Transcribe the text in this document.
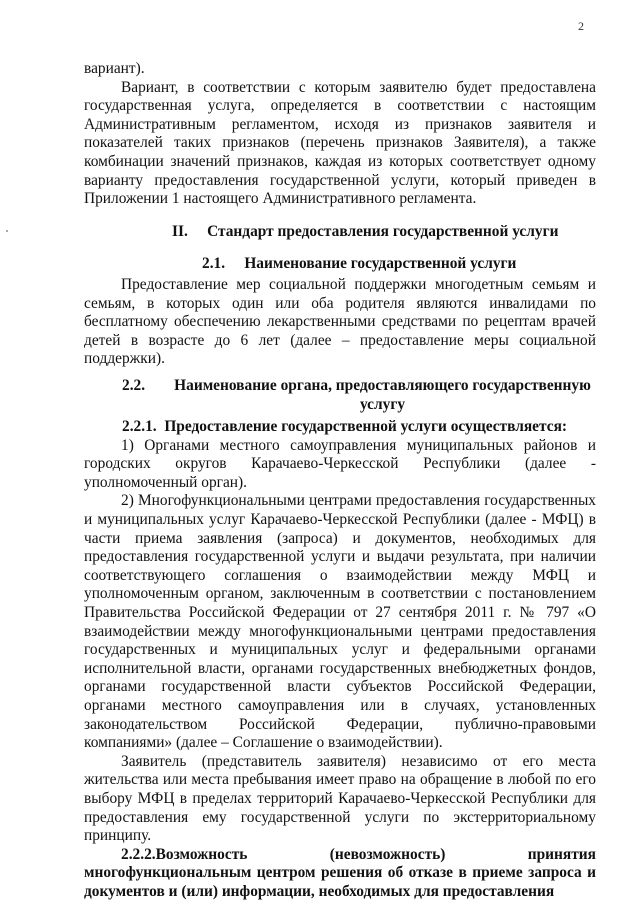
2

вариант).

Вариант, в соответствии с которым заявителю будет предоставлена государственная услуга, определяется в соответствии с настоящим Административным регламентом, исходя из признаков заявителя и показателей таких признаков (перечень признаков Заявителя), а также комбинации значений признаков, каждая из которых соответствует одному варианту предоставления государственной услуги, который приведен в Приложении 1 настоящего Административного регламента.

II.     Стандарт предоставления государственной услуги
2.1.     Наименование государственной услуги

Предоставление мер социальной поддержки многодетным семьям и семьям, в которых один или оба родителя являются инвалидами по бесплатному обеспечению лекарственными средствами по рецептам врачей детей в возрасте до 6 лет (далее – предоставление меры социальной поддержки).

2.2.	Наименование органа, предоставляющего государственную услугу
2.2.1.  Предоставление государственной услуги осуществляется:

1) Органами местного самоуправления муниципальных районов и городских округов Карачаево-Черкесской Республики (далее - уполномоченный орган).

2) Многофункциональными центрами предоставления государственных и муниципальных услуг Карачаево-Черкесской Республики (далее - МФЦ) в части приема заявления (запроса) и документов, необходимых для предоставления государственной услуги и выдачи результата, при наличии соответствующего соглашения о взаимодействии между МФЦ и уполномоченным органом, заключенным в соответствии с постановлением Правительства Российской Федерации от 27 сентября 2011 г. № 797 «О взаимодействии между многофункциональными центрами предоставления государственных и муниципальных услуг и федеральными органами исполнительной власти, органами государственных внебюджетных фондов, органами государственной власти субъектов Российской Федерации, органами местного самоуправления или в случаях, установленных законодательством Российской Федерации, публично-правовыми компаниями» (далее – Соглашение о взаимодействии).

Заявитель (представитель заявителя) независимо от его места жительства или места пребывания имеет право на обращение в любой по его выбору МФЦ в пределах территорий Карачаево-Черкесской Республики для предоставления ему государственной услуги по экстерриториальному принципу.

2.2.2.Возможность (невозможность) принятия многофункциональным центром решения об отказе в приеме запроса и документов и (или) информации, необходимых для предоставления
